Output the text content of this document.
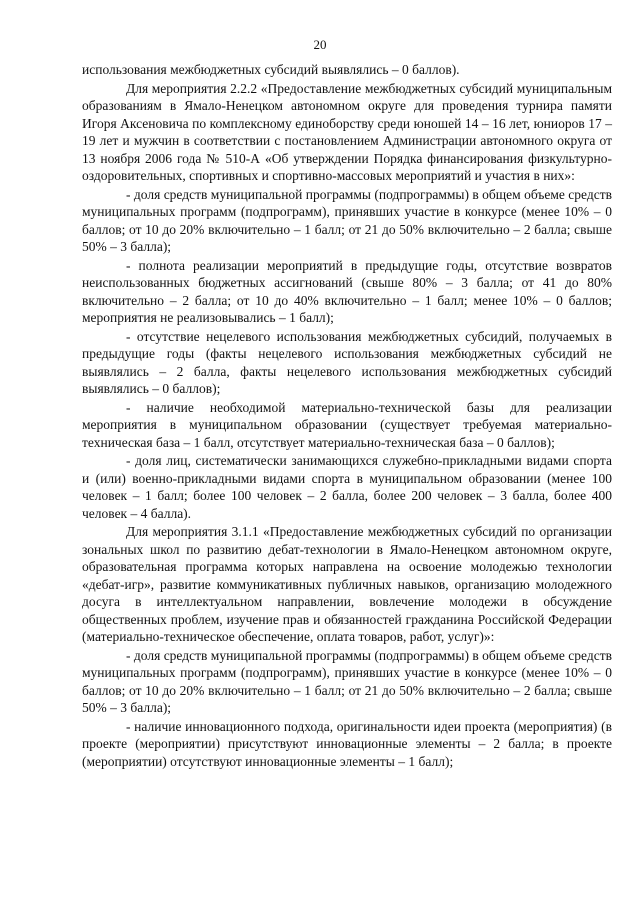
20

использования межбюджетных субсидий выявлялись – 0 баллов).

Для мероприятия 2.2.2 «Предоставление межбюджетных субсидий муниципальным образованиям в Ямало-Ненецком автономном округе для проведения турнира памяти Игоря Аксеновича по комплексному единоборству среди юношей 14 – 16 лет, юниоров 17 – 19 лет и мужчин в соответствии с постановлением Администрации автономного округа от 13 ноября 2006 года № 510-А «Об утверждении Порядка финансирования физкультурно-оздоровительных, спортивных и спортивно-массовых мероприятий и участия в них»:

- доля средств муниципальной программы (подпрограммы) в общем объеме средств муниципальных программ (подпрограмм), принявших участие в конкурсе (менее 10% – 0 баллов; от 10 до 20% включительно – 1 балл; от 21 до 50% включительно – 2 балла; свыше 50% – 3 балла);

- полнота реализации мероприятий в предыдущие годы, отсутствие возвратов неиспользованных бюджетных ассигнований (свыше 80% – 3 балла; от 41 до 80% включительно – 2 балла; от 10 до 40% включительно – 1 балл; менее 10% – 0 баллов; мероприятия не реализовывались – 1 балл);

- отсутствие нецелевого использования межбюджетных субсидий, получаемых в предыдущие годы (факты нецелевого использования межбюджетных субсидий не выявлялись – 2 балла, факты нецелевого использования межбюджетных субсидий выявлялись – 0 баллов);

- наличие необходимой материально-технической базы для реализации мероприятия в муниципальном образовании (существует требуемая материально-техническая база – 1 балл, отсутствует материально-техническая база – 0 баллов);

- доля лиц, систематически занимающихся служебно-прикладными видами спорта и (или) военно-прикладными видами спорта в муниципальном образовании (менее 100 человек – 1 балл; более 100 человек – 2 балла, более 200 человек – 3 балла, более 400 человек – 4 балла).

Для мероприятия 3.1.1 «Предоставление межбюджетных субсидий по организации зональных школ по развитию дебат-технологии в Ямало-Ненецком автономном округе, образовательная программа которых направлена на освоение молодежью технологии «дебат-игр», развитие коммуникативных публичных навыков, организацию молодежного досуга в интеллектуальном направлении, вовлечение молодежи в обсуждение общественных проблем, изучение прав и обязанностей гражданина Российской Федерации (материально-техническое обеспечение, оплата товаров, работ, услуг)»:

- доля средств муниципальной программы (подпрограммы) в общем объеме средств муниципальных программ (подпрограмм), принявших участие в конкурсе (менее 10% – 0 баллов; от 10 до 20% включительно – 1 балл; от 21 до 50% включительно – 2 балла; свыше 50% – 3 балла);

- наличие инновационного подхода, оригинальности идеи проекта (мероприятия) (в проекте (мероприятии) присутствуют инновационные элементы – 2 балла; в проекте (мероприятии) отсутствуют инновационные элементы – 1 балл);
